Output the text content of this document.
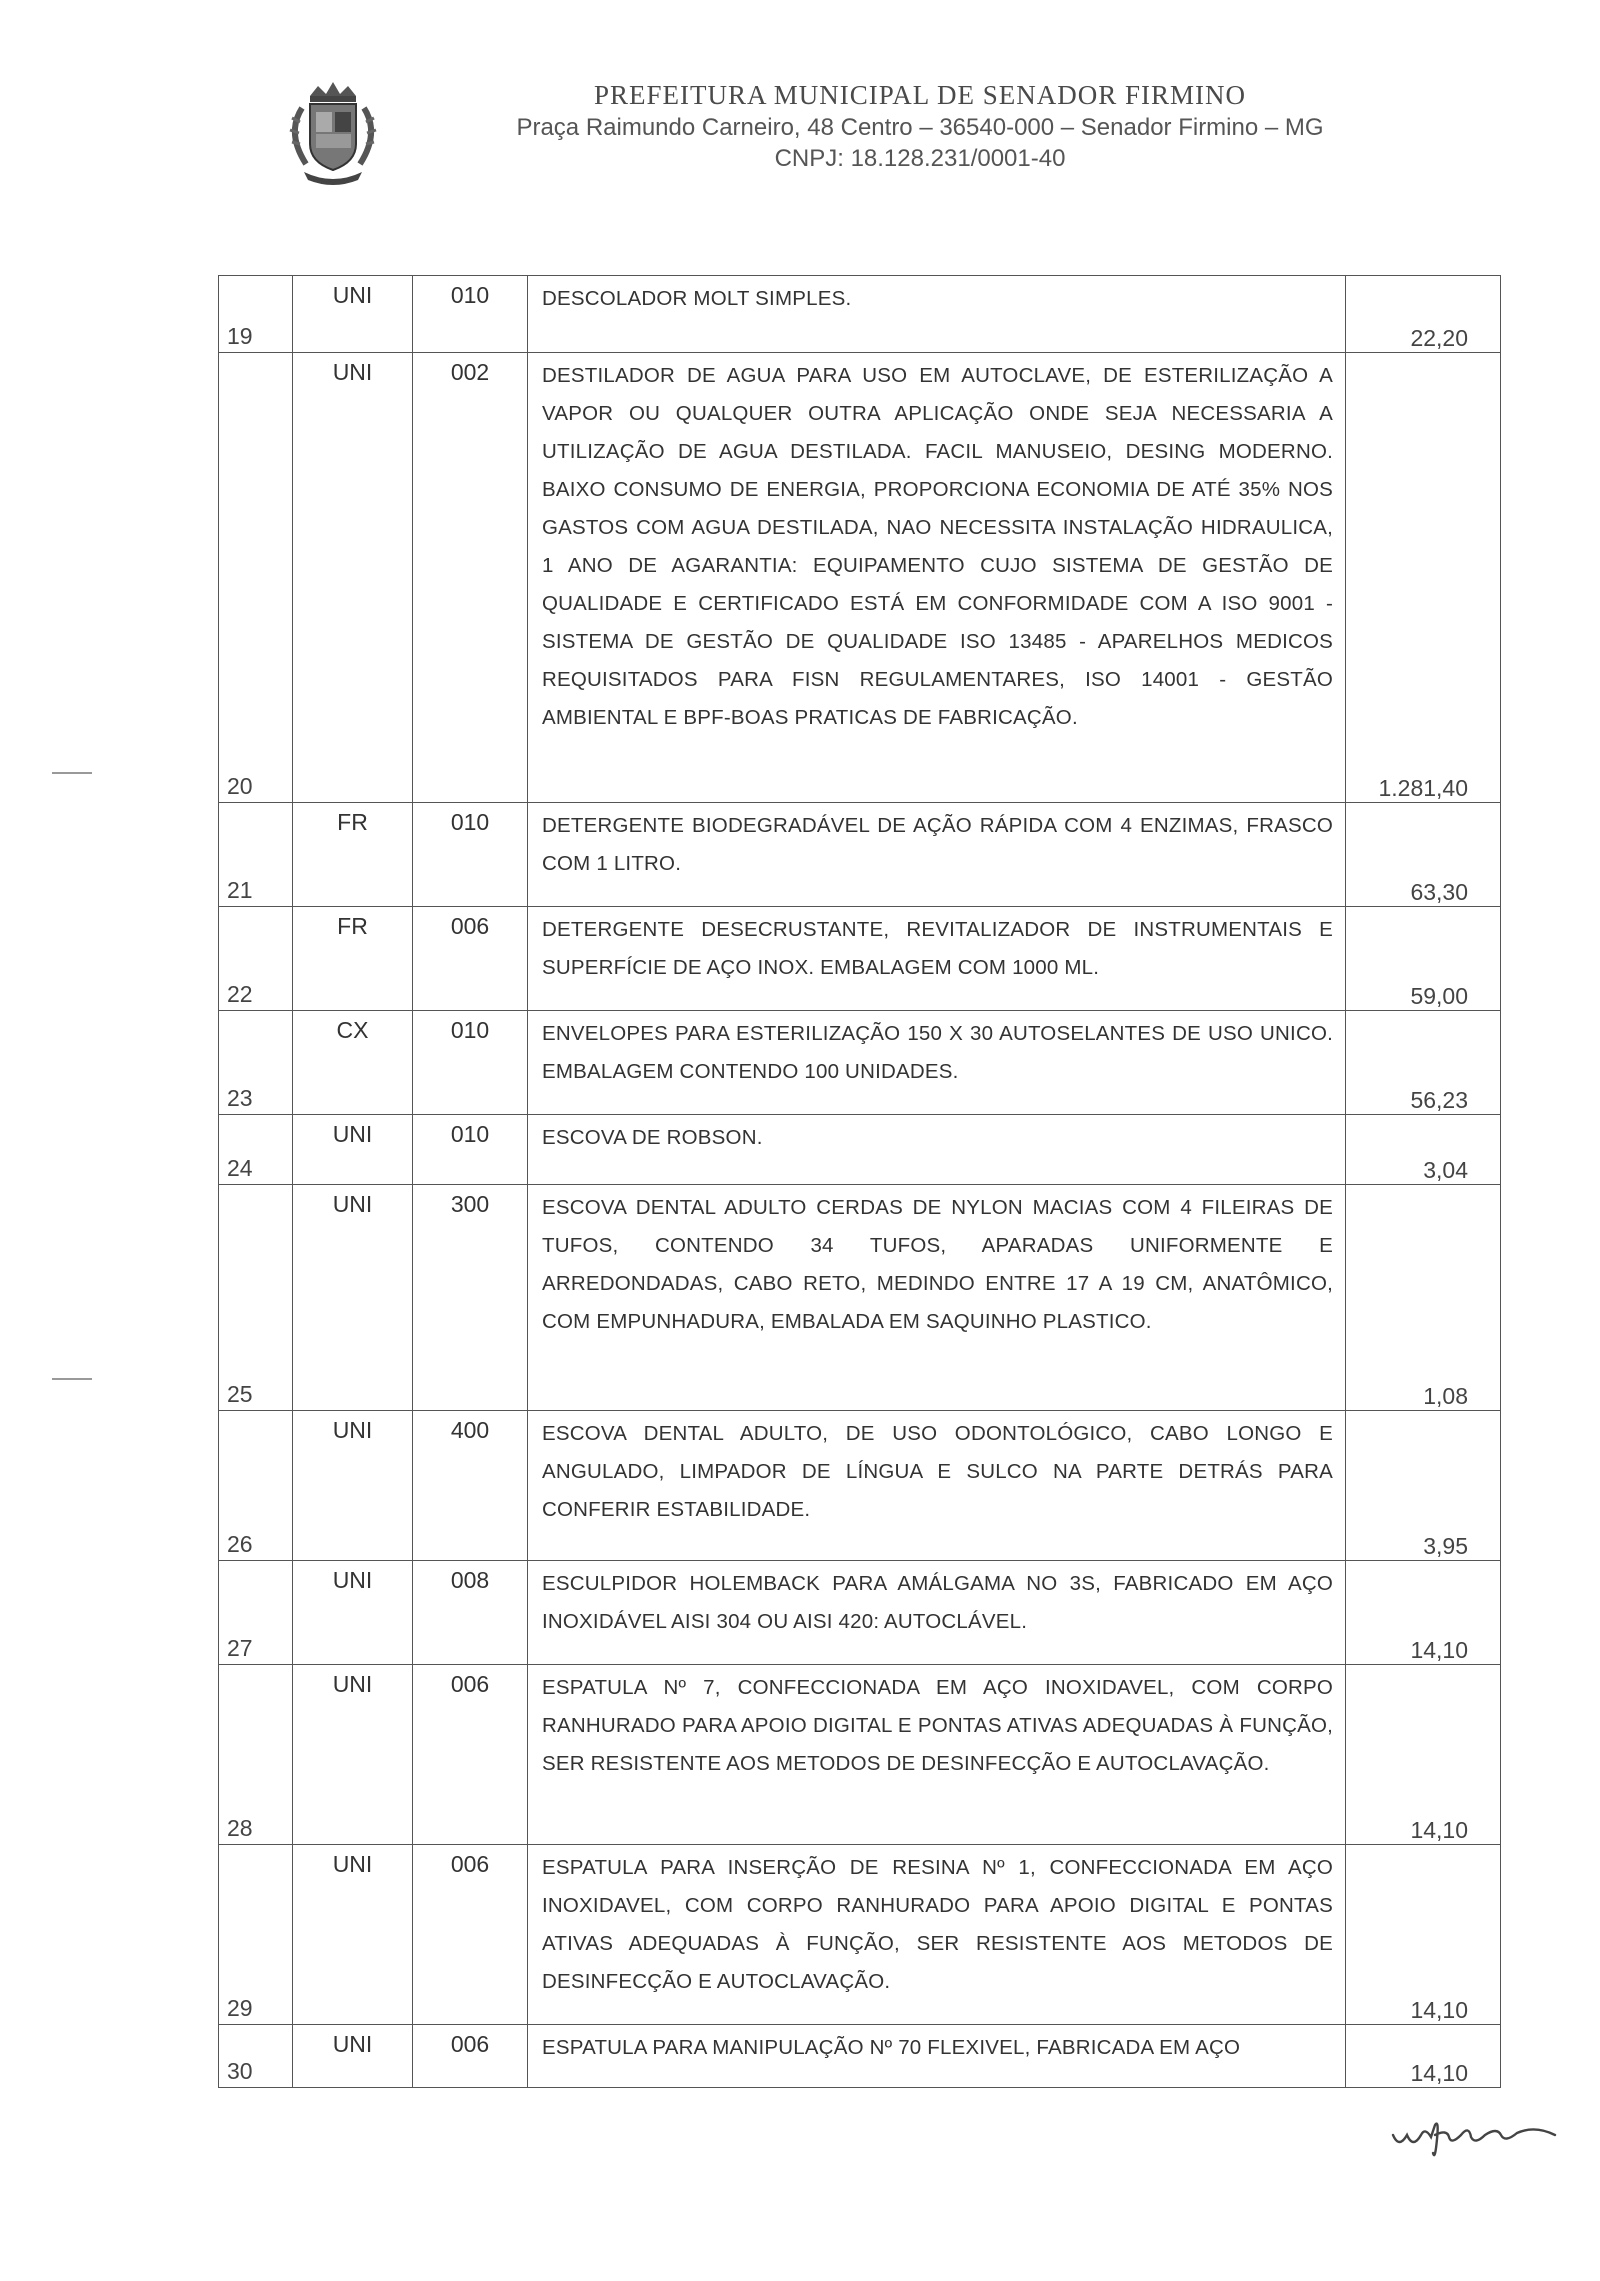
PREFEITURA MUNICIPAL DE SENADOR FIRMINO
Praça Raimundo Carneiro, 48 Centro – 36540-000 – Senador Firmino – MG
CNPJ: 18.128.231/0001-40
19	UNI	010	DESCOLADOR MOLT SIMPLES.	22,20

20	UNI	002	DESTILADOR DE AGUA PARA USO EM AUTOCLAVE, DE ESTERILIZAÇÃO A VAPOR OU QUALQUER OUTRA APLICAÇÃO ONDE SEJA NECESSARIA A UTILIZAÇÃO DE AGUA DESTILADA. FACIL MANUSEIO, DESING MODERNO. BAIXO CONSUMO DE ENERGIA, PROPORCIONA ECONOMIA DE ATÉ 35% NOS GASTOS COM AGUA DESTILADA, NAO NECESSITA INSTALAÇÃO HIDRAULICA, 1 ANO DE AGARANTIA: EQUIPAMENTO CUJO SISTEMA DE GESTÃO DE QUALIDADE E CERTIFICADO ESTÁ EM CONFORMIDADE COM A ISO 9001 - SISTEMA DE GESTÃO DE QUALIDADE ISO 13485 - APARELHOS MEDICOS REQUISITADOS PARA FISN REGULAMENTARES, ISO 14001 - GESTÃO AMBIENTAL E BPF-BOAS PRATICAS DE FABRICAÇÃO.	1.281,40

21	FR	010	DETERGENTE BIODEGRADÁVEL DE AÇÃO RÁPIDA COM 4 ENZIMAS, FRASCO COM 1 LITRO.	63,30

22	FR	006	DETERGENTE DESECRUSTANTE, REVITALIZADOR DE INSTRUMENTAIS E SUPERFÍCIE DE AÇO INOX. EMBALAGEM COM 1000 ML.	59,00

23	CX	010	ENVELOPES PARA ESTERILIZAÇÃO 150 X 30 AUTOSELANTES DE USO UNICO. EMBALAGEM CONTENDO 100 UNIDADES.	56,23

24	UNI	010	ESCOVA DE ROBSON.	3,04

25	UNI	300	ESCOVA DENTAL ADULTO CERDAS DE NYLON MACIAS COM 4 FILEIRAS DE TUFOS, CONTENDO 34 TUFOS, APARADAS UNIFORMENTE E ARREDONDADAS, CABO RETO, MEDINDO ENTRE 17 A 19 CM, ANATÔMICO, COM EMPUNHADURA, EMBALADA EM SAQUINHO PLASTICO.	1,08

26	UNI	400	ESCOVA DENTAL ADULTO, DE USO ODONTOLÓGICO, CABO LONGO E ANGULADO, LIMPADOR DE LÍNGUA E SULCO NA PARTE DETRÁS PARA CONFERIR ESTABILIDADE.	3,95

27	UNI	008	ESCULPIDOR HOLEMBACK PARA AMÁLGAMA NO 3S, FABRICADO EM AÇO INOXIDÁVEL AISI 304 OU AISI 420: AUTOCLÁVEL.	14,10

28	UNI	006	ESPATULA Nº 7, CONFECCIONADA EM AÇO INOXIDAVEL, COM CORPO RANHURADO PARA APOIO DIGITAL E PONTAS ATIVAS ADEQUADAS À FUNÇÃO, SER RESISTENTE AOS METODOS DE DESINFECÇÃO E AUTOCLAVAÇÃO.	14,10

29	UNI	006	ESPATULA PARA INSERÇÃO DE RESINA Nº 1, CONFECCIONADA EM AÇO INOXIDAVEL, COM CORPO RANHURADO PARA APOIO DIGITAL E PONTAS ATIVAS ADEQUADAS À FUNÇÃO, SER RESISTENTE AOS METODOS DE DESINFECÇÃO E AUTOCLAVAÇÃO.	14,10

30	UNI	006	ESPATULA PARA MANIPULAÇÃO Nº 70 FLEXIVEL, FABRICADA EM AÇO	14,10
